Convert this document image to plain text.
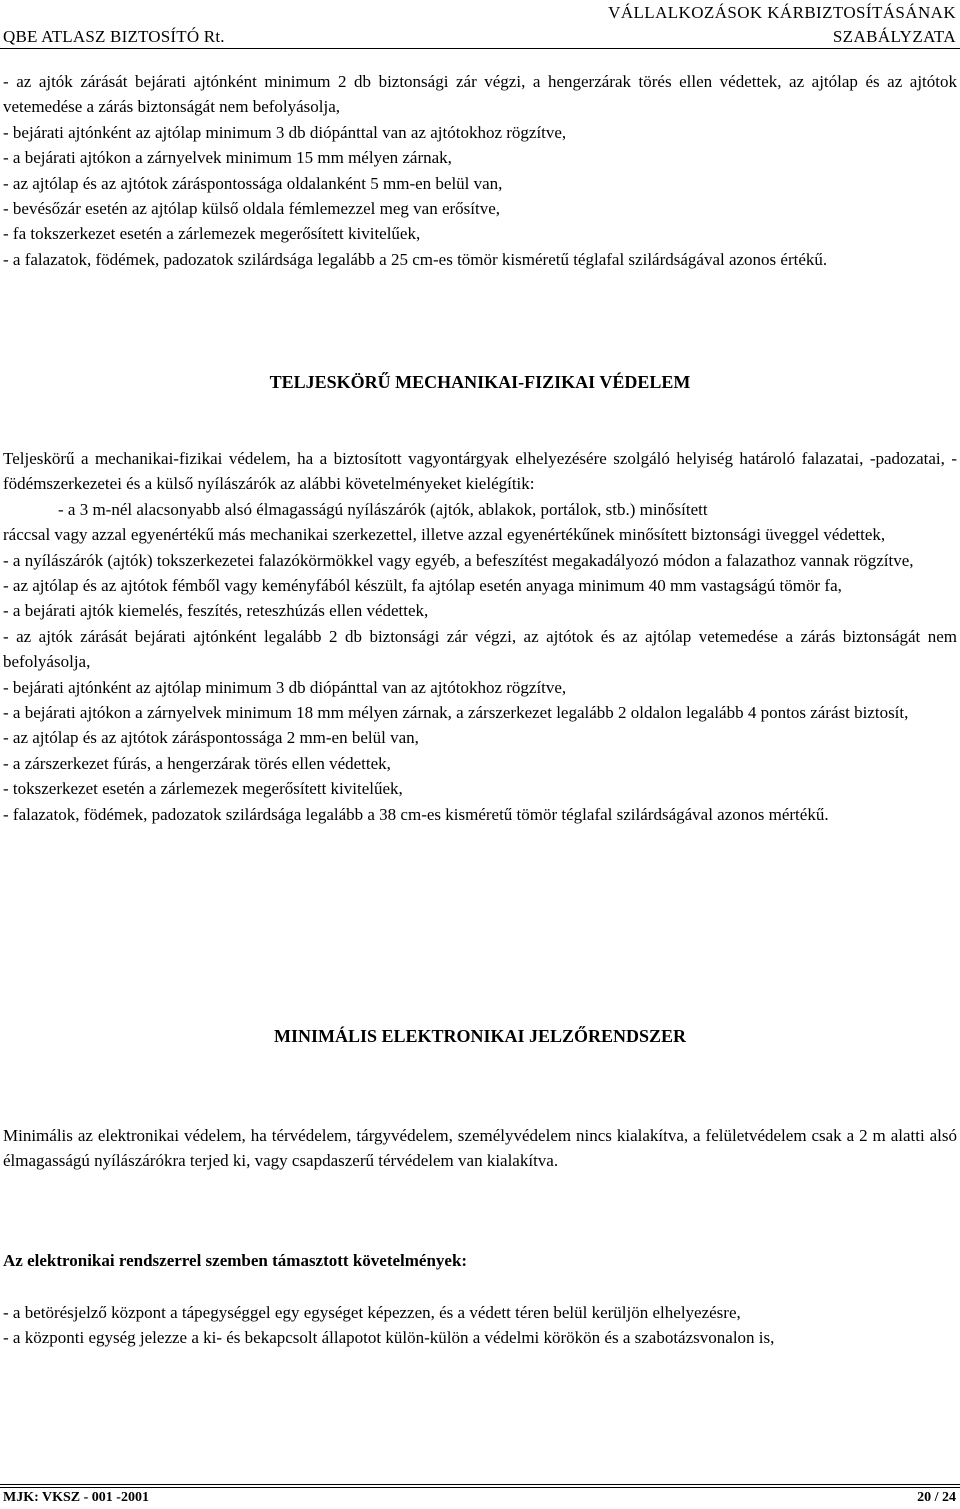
QBE ATLASZ BIZTOSÍTÓ Rt.
VÁLLALKOZÁSOK KÁRBIZTOSÍTÁSÁNAK
SZABÁLYZATA

- az ajtók zárását bejárati ajtónként minimum 2 db biztonsági zár végzi, a hengerzárak törés ellen védettek, az ajtólap és az ajtótok vetemedése a zárás biztonságát nem befolyásolja,

- bejárati ajtónként az ajtólap minimum 3 db diópánttal van az ajtótokhoz rögzítve,

- a bejárati ajtókon a zárnyelvek minimum 15 mm mélyen zárnak,

- az ajtólap és az ajtótok záráspontossága oldalanként 5 mm-en belül van,

- bevésőzár esetén az ajtólap külső oldala fémlemezzel meg van erősítve,

- fa tokszerkezet esetén a zárlemezek megerősített kivitelűek,

- a falazatok, födémek, padozatok szilárdsága legalább a 25 cm-es tömör kisméretű téglafal szilárdságával azonos értékű.

TELJESKÖRŰ MECHANIKAI-FIZIKAI VÉDELEM

Teljeskörű a mechanikai-fizikai védelem, ha a biztosított vagyontárgyak elhelyezésére szolgáló helyiség határoló falazatai, -padozatai, -födémszerkezetei és a külső nyílászárók az alábbi követelményeket kielégítik:

- a 3 m-nél alacsonyabb alsó élmagasságú nyílászárók (ajtók, ablakok, portálok, stb.) minősített

ráccsal vagy azzal egyenértékű más mechanikai szerkezettel, illetve azzal egyenértékűnek minősített biztonsági üveggel védettek,

- a nyílászárók (ajtók) tokszerkezetei falazókörmökkel vagy egyéb, a befeszítést megakadályozó módon a falazathoz vannak rögzítve,

- az ajtólap és az ajtótok fémből vagy keményfából készült, fa ajtólap esetén anyaga minimum 40 mm vastagságú tömör fa,

- a bejárati ajtók kiemelés, feszítés, reteszhúzás ellen védettek,

- az ajtók zárását bejárati ajtónként legalább 2 db biztonsági zár végzi, az ajtótok és az ajtólap vetemedése a zárás biztonságát nem befolyásolja,

- bejárati ajtónként az ajtólap minimum 3 db diópánttal van az ajtótokhoz rögzítve,

- a bejárati ajtókon a zárnyelvek minimum 18 mm mélyen zárnak, a zárszerkezet legalább 2 oldalon legalább 4 pontos zárást biztosít,

- az ajtólap és az ajtótok záráspontossága 2 mm-en belül van,

- a zárszerkezet fúrás, a hengerzárak törés ellen védettek,

- tokszerkezet esetén a zárlemezek megerősített kivitelűek,

- falazatok, födémek, padozatok szilárdsága legalább a 38 cm-es kisméretű tömör téglafal szilárdságával azonos mértékű.

MINIMÁLIS ELEKTRONIKAI JELZŐRENDSZER

Minimális az elektronikai védelem, ha térvédelem, tárgyvédelem, személyvédelem nincs kialakítva, a felületvédelem csak a 2 m alatti alsó élmagasságú nyílászárókra terjed ki, vagy csapdaszerű térvédelem van kialakítva.

Az elektronikai rendszerrel szemben támasztott követelmények:

- a betörésjelző központ a tápegységgel egy egységet képezzen, és a védett téren belül kerüljön elhelyezésre,

- a központi egység jelezze a ki- és bekapcsolt állapotot külön-külön a védelmi körökön és a szabotázsvonalon is,

MJK: VKSZ - 001 -2001	20 / 24
